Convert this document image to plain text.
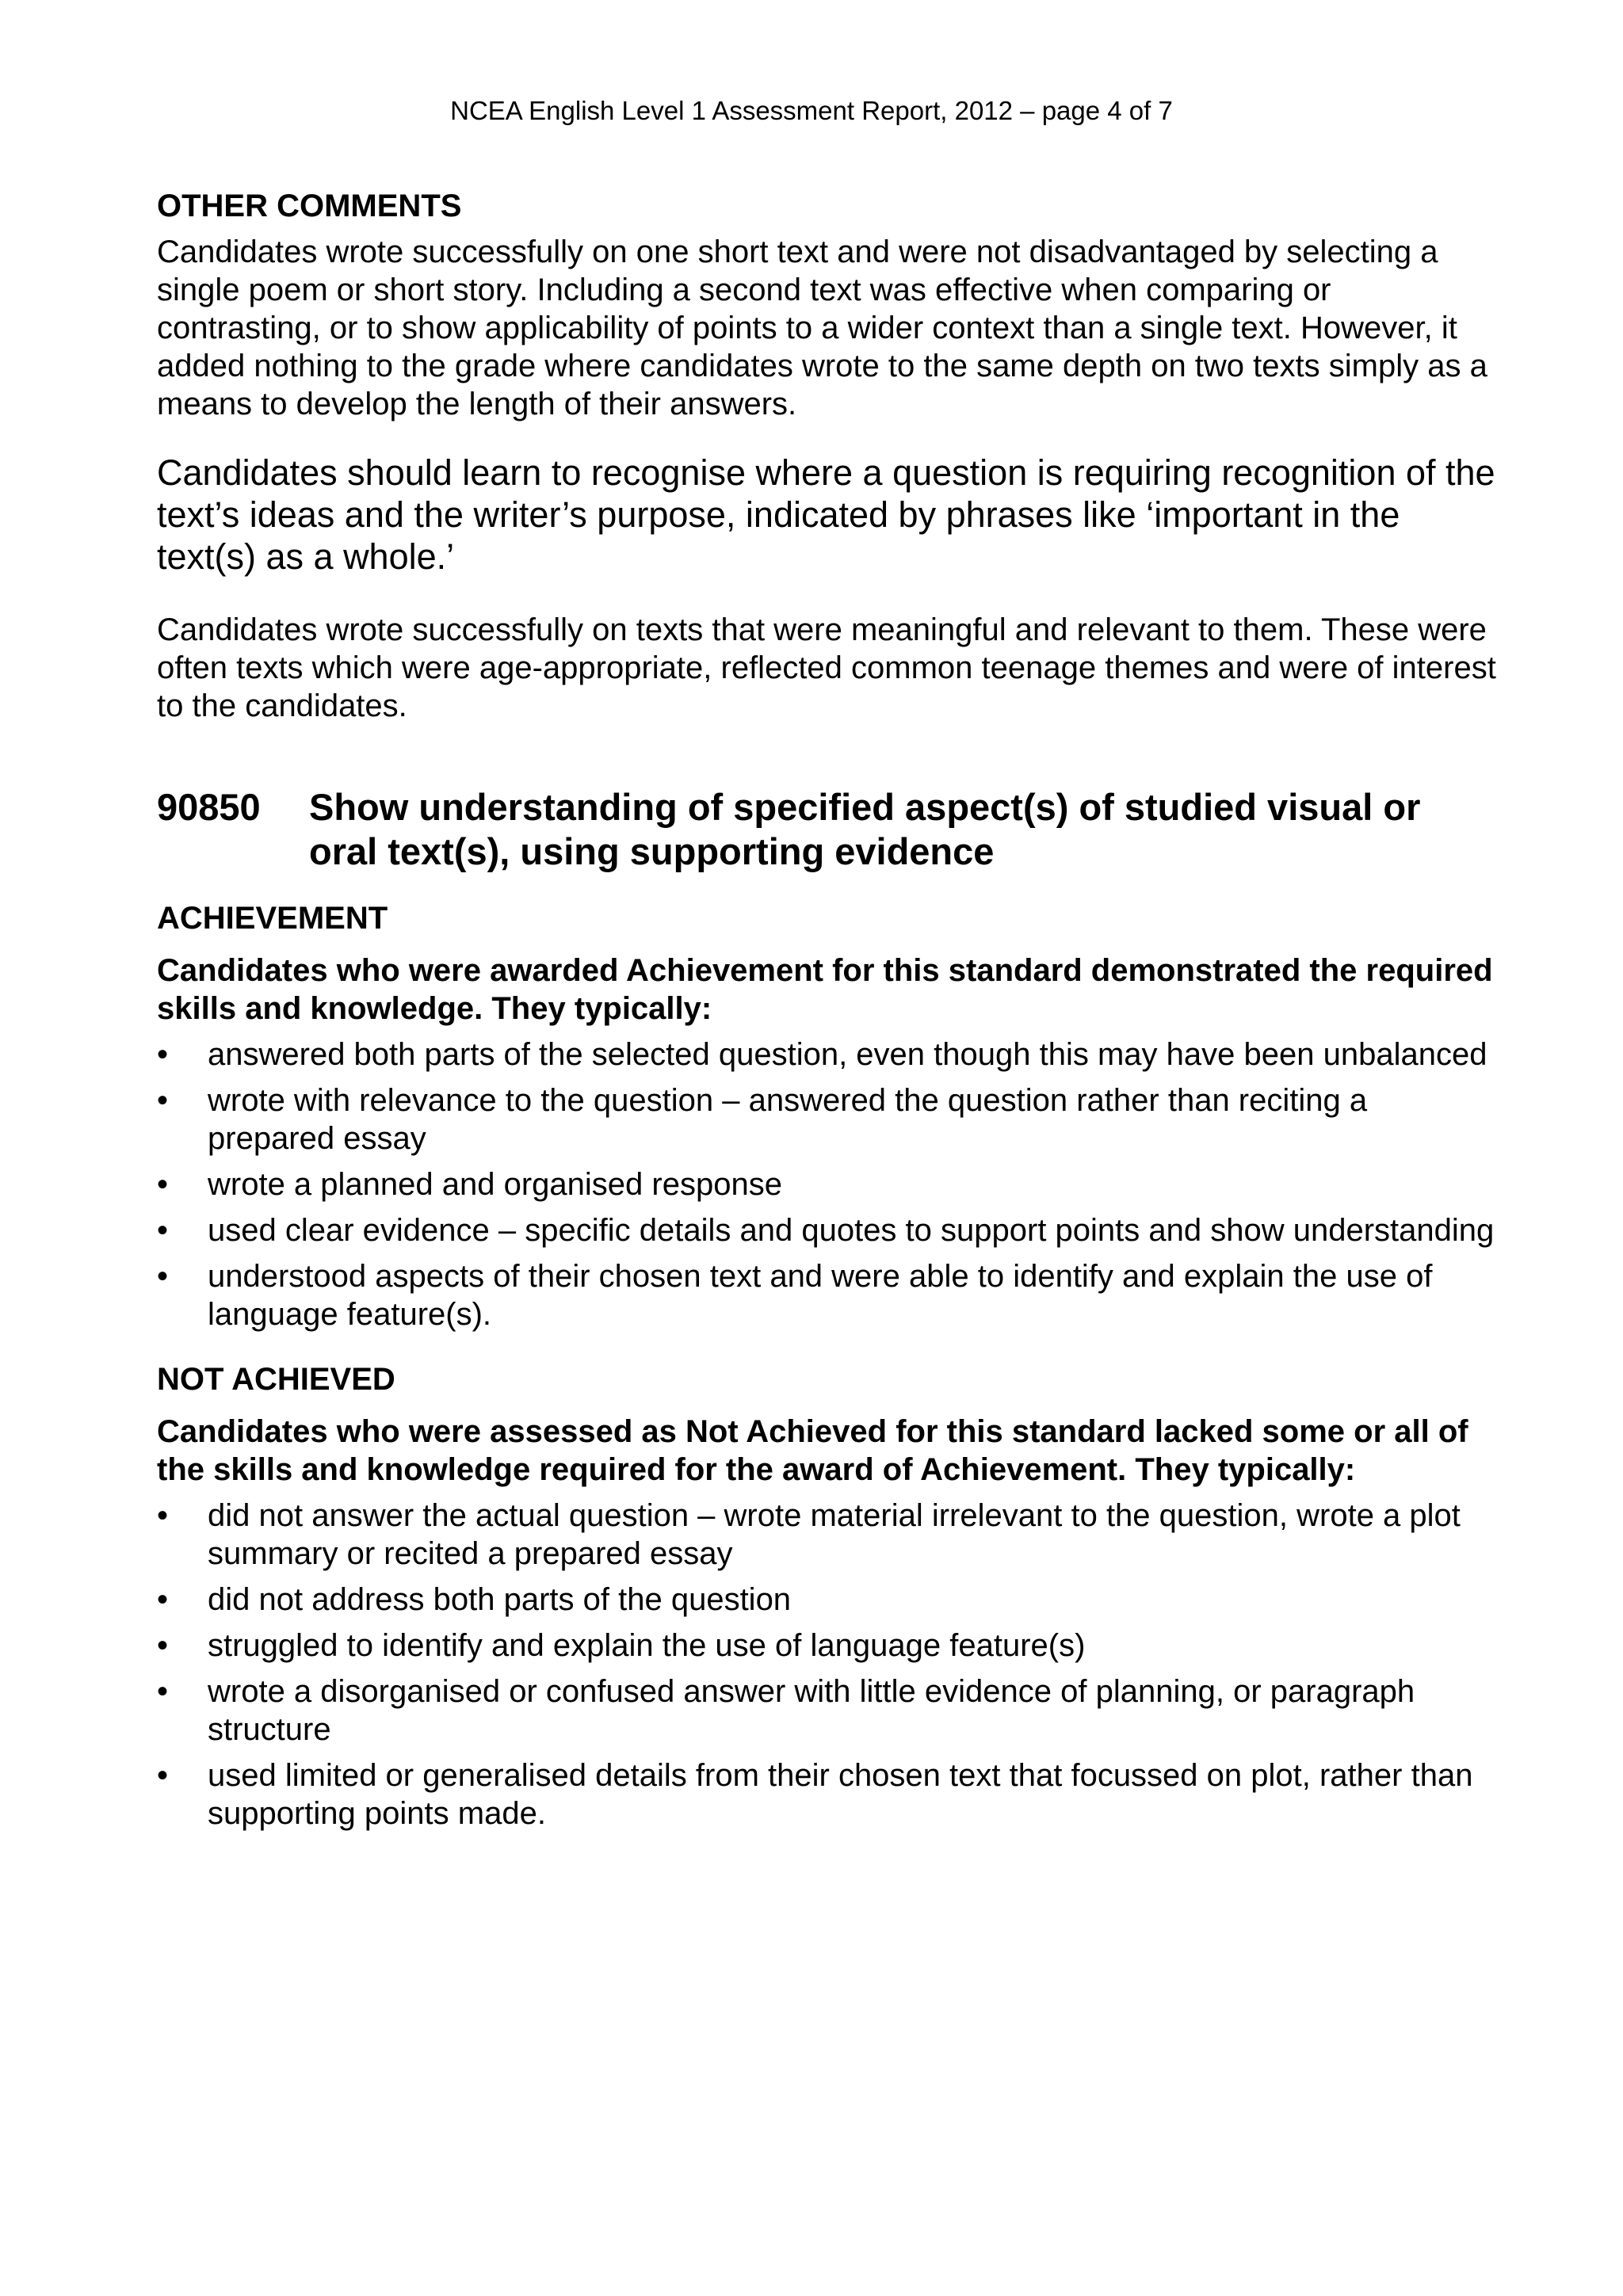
NCEA English Level 1 Assessment Report, 2012 – page 4 of 7
OTHER COMMENTS

Candidates wrote successfully on one short text and were not disadvantaged by selecting a single poem or short story. Including a second text was effective when comparing or contrasting, or to show applicability of points to a wider context than a single text. However, it added nothing to the grade where candidates wrote to the same depth on two texts simply as a means to develop the length of their answers.

Candidates should learn to recognise where a question is requiring recognition of the text’s ideas and the writer’s purpose, indicated by phrases like ‘important in the text(s) as a whole.’

Candidates wrote successfully on texts that were meaningful and relevant to them. These were often texts which were age-appropriate, reflected common teenage themes and were of interest to the candidates.

90850	Show understanding of specified aspect(s) of studied visual or oral text(s), using supporting evidence
ACHIEVEMENT

Candidates who were awarded Achievement for this standard demonstrated the required skills and knowledge. They typically:

• answered both parts of the selected question, even though this may have been unbalanced
• wrote with relevance to the question – answered the question rather than reciting a prepared essay
• wrote a planned and organised response
• used clear evidence – specific details and quotes to support points and show understanding
• understood aspects of their chosen text and were able to identify and explain the use of language feature(s).
NOT ACHIEVED

Candidates who were assessed as Not Achieved for this standard lacked some or all of the skills and knowledge required for the award of Achievement. They typically:

• did not answer the actual question – wrote material irrelevant to the question, wrote a plot summary or recited a prepared essay
• did not address both parts of the question
• struggled to identify and explain the use of language feature(s)
• wrote a disorganised or confused answer with little evidence of planning, or paragraph structure
• used limited or generalised details from their chosen text that focussed on plot, rather than supporting points made.
